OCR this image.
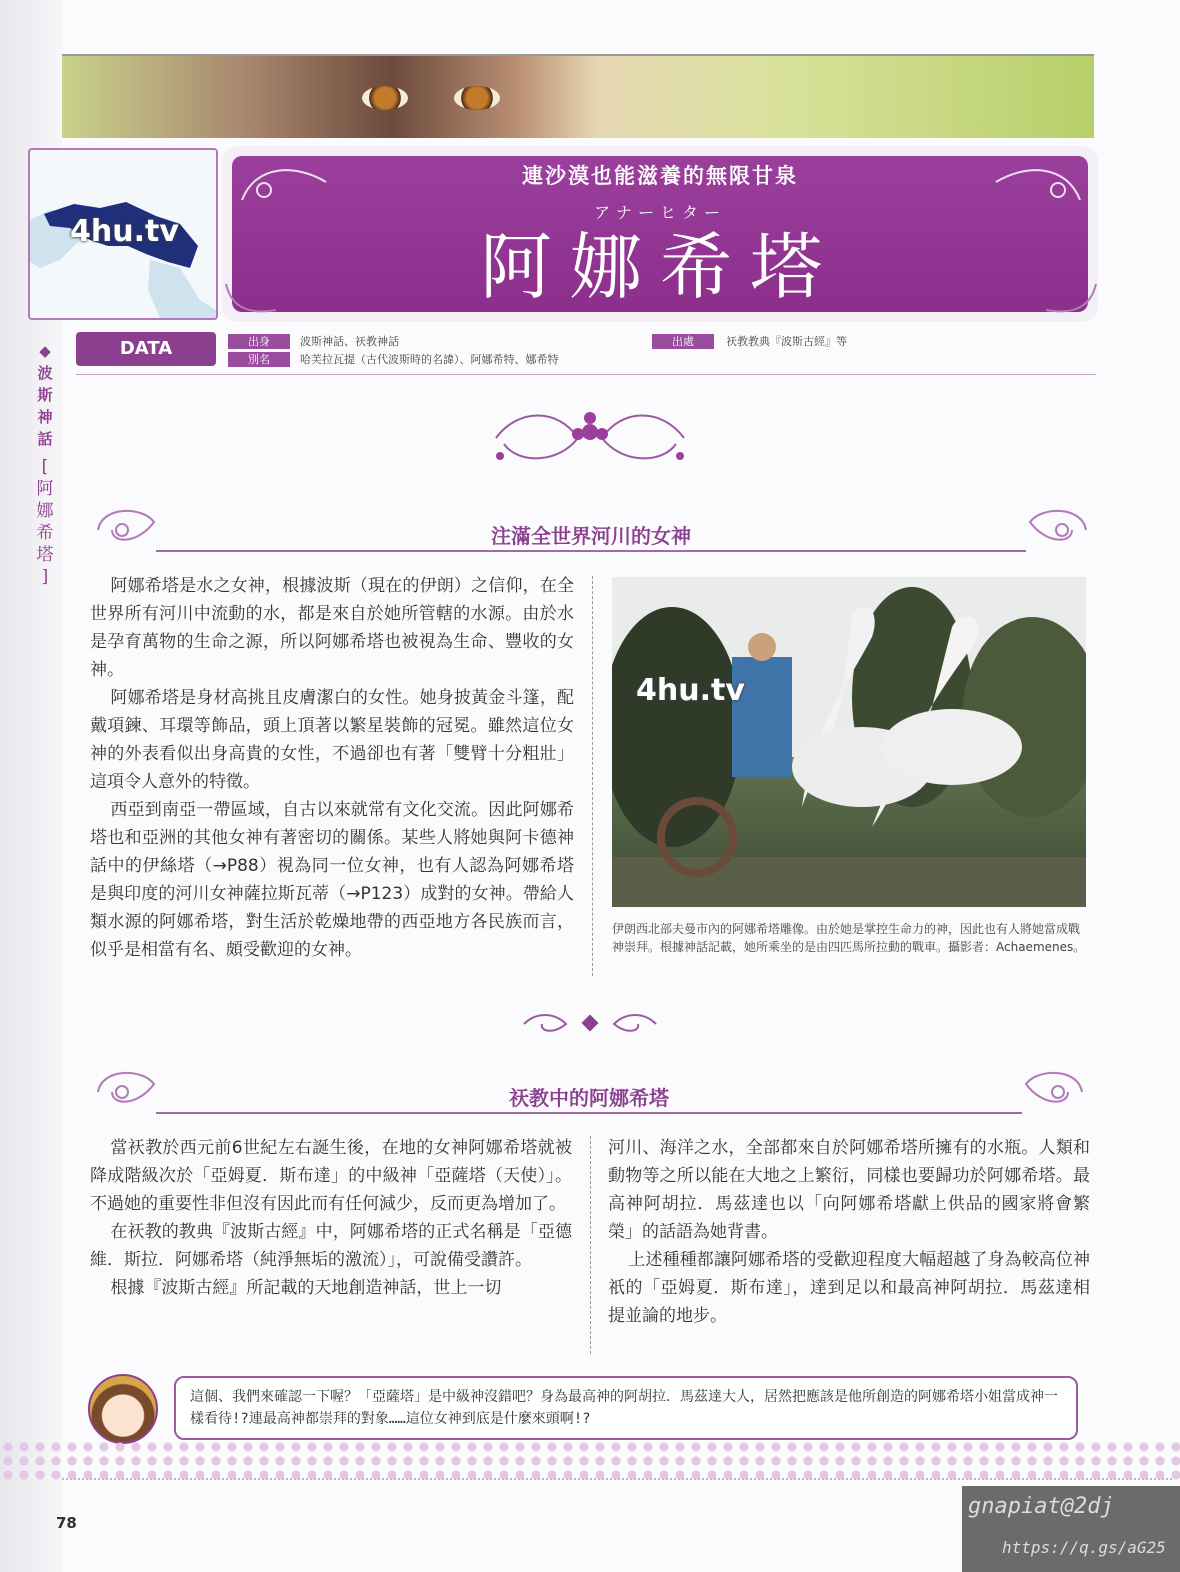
4hu.tv
連沙漠也能滋養的無限甘泉
アナーヒター
阿娜希塔
◆
波
斯
神
話
[
阿
娜
希
塔
]
DATA	出身	波斯神話、祆教神話
別名	哈芙拉瓦提（古代波斯時的名諱）、阿娜希特、娜希特
出處	祆教教典『波斯古經』等
注滿全世界河川的女神

阿娜希塔是水之女神，根據波斯（現在的伊朗）之信仰，在全世界所有河川中流動的水，都是來自於她所管轄的水源。由於水是孕育萬物的生命之源，所以阿娜希塔也被視為生命、豐收的女神。

阿娜希塔是身材高挑且皮膚潔白的女性。她身披黃金斗篷，配戴項鍊、耳環等飾品，頭上頂著以繁星裝飾的冠冕。雖然這位女神的外表看似出身高貴的女性，不過卻也有著「雙臂十分粗壯」這項令人意外的特徵。

西亞到南亞一帶區域，自古以來就常有文化交流。因此阿娜希塔也和亞洲的其他女神有著密切的關係。某些人將她與阿卡德神話中的伊絲塔（→P88）視為同一位女神，也有人認為阿娜希塔是與印度的河川女神薩拉斯瓦蒂（→P123）成對的女神。帶給人類水源的阿娜希塔，對生活於乾燥地帶的西亞地方各民族而言，似乎是相當有名、頗受歡迎的女神。

4hu.tv
伊朗西北部夫曼市內的阿娜希塔雕像。由於她是掌控生命力的神，因此也有人將她當成戰神崇拜。根據神話記載，她所乘坐的是由四匹馬所拉動的戰車。攝影者：Achaemenes。
祆教中的阿娜希塔

當祆教於西元前6世紀左右誕生後，在地的女神阿娜希塔就被降成階級次於「亞姆夏．斯布達」的中級神「亞薩塔（天使）」。不過她的重要性非但沒有因此而有任何減少，反而更為增加了。

在祆教的教典『波斯古經』中，阿娜希塔的正式名稱是「亞德維．斯拉．阿娜希塔（純淨無垢的激流）」，可說備受讚許。

根據『波斯古經』所記載的天地創造神話，世上一切

河川、海洋之水，全部都來自於阿娜希塔所擁有的水瓶。人類和動物等之所以能在大地之上繁衍，同樣也要歸功於阿娜希塔。最高神阿胡拉．馬茲達也以「向阿娜希塔獻上供品的國家將會繁榮」的話語為她背書。

上述種種都讓阿娜希塔的受歡迎程度大幅超越了身為較高位神祇的「亞姆夏．斯布達」，達到足以和最高神阿胡拉．馬茲達相提並論的地步。

這個、我們來確認一下喔？「亞薩塔」是中級神沒錯吧？身為最高神的阿胡拉．馬茲達大人，居然把應該是他所創造的阿娜希塔小姐當成神一樣看待!?連最高神都崇拜的對象……這位女神到底是什麼來頭啊!?
78
gnapiat@2dj
https://q.gs/aG25
